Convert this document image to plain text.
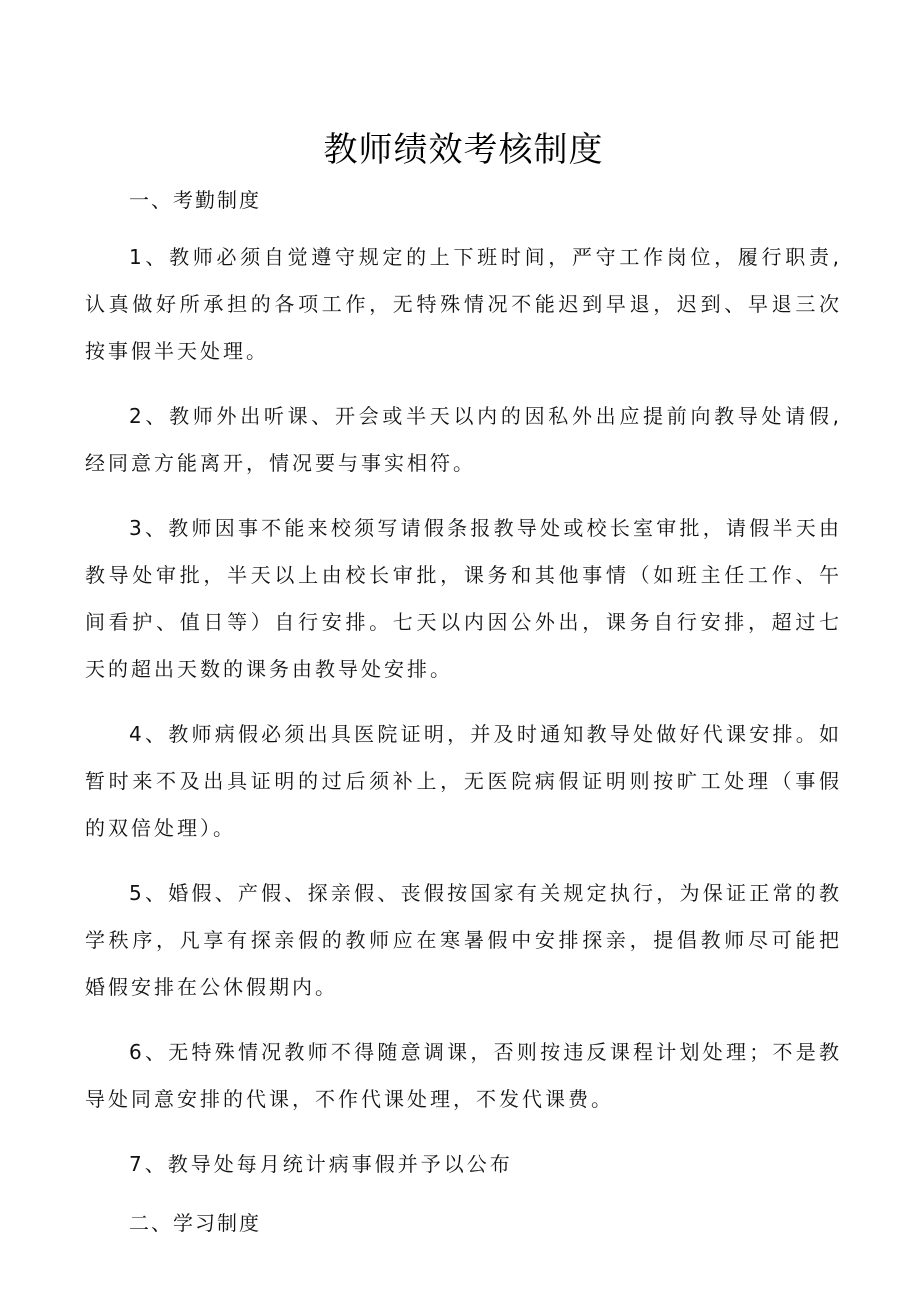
教师绩效考核制度

一、考勤制度

1、教师必须自觉遵守规定的上下班时间，严守工作岗位，履行职责,认真做好所承担的各项工作，无特殊情况不能迟到早退，迟到、早退三次按事假半天处理。

2、教师外出听课、开会或半天以内的因私外出应提前向教导处请假,经同意方能离开，情况要与事实相符。

3、教师因事不能来校须写请假条报教导处或校长室审批，请假半天由教导处审批，半天以上由校长审批，课务和其他事情（如班主任工作、午间看护、值日等）自行安排。七天以内因公外出，课务自行安排，超过七天的超出天数的课务由教导处安排。

4、教师病假必须出具医院证明，并及时通知教导处做好代课安排。如暂时来不及出具证明的过后须补上，无医院病假证明则按旷工处理（事假的双倍处理）。

5、婚假、产假、探亲假、丧假按国家有关规定执行，为保证正常的教学秩序，凡享有探亲假的教师应在寒暑假中安排探亲，提倡教师尽可能把婚假安排在公休假期内。

6、无特殊情况教师不得随意调课，否则按违反课程计划处理；不是教导处同意安排的代课，不作代课处理，不发代课费。

7、教导处每月统计病事假并予以公布

二、学习制度
